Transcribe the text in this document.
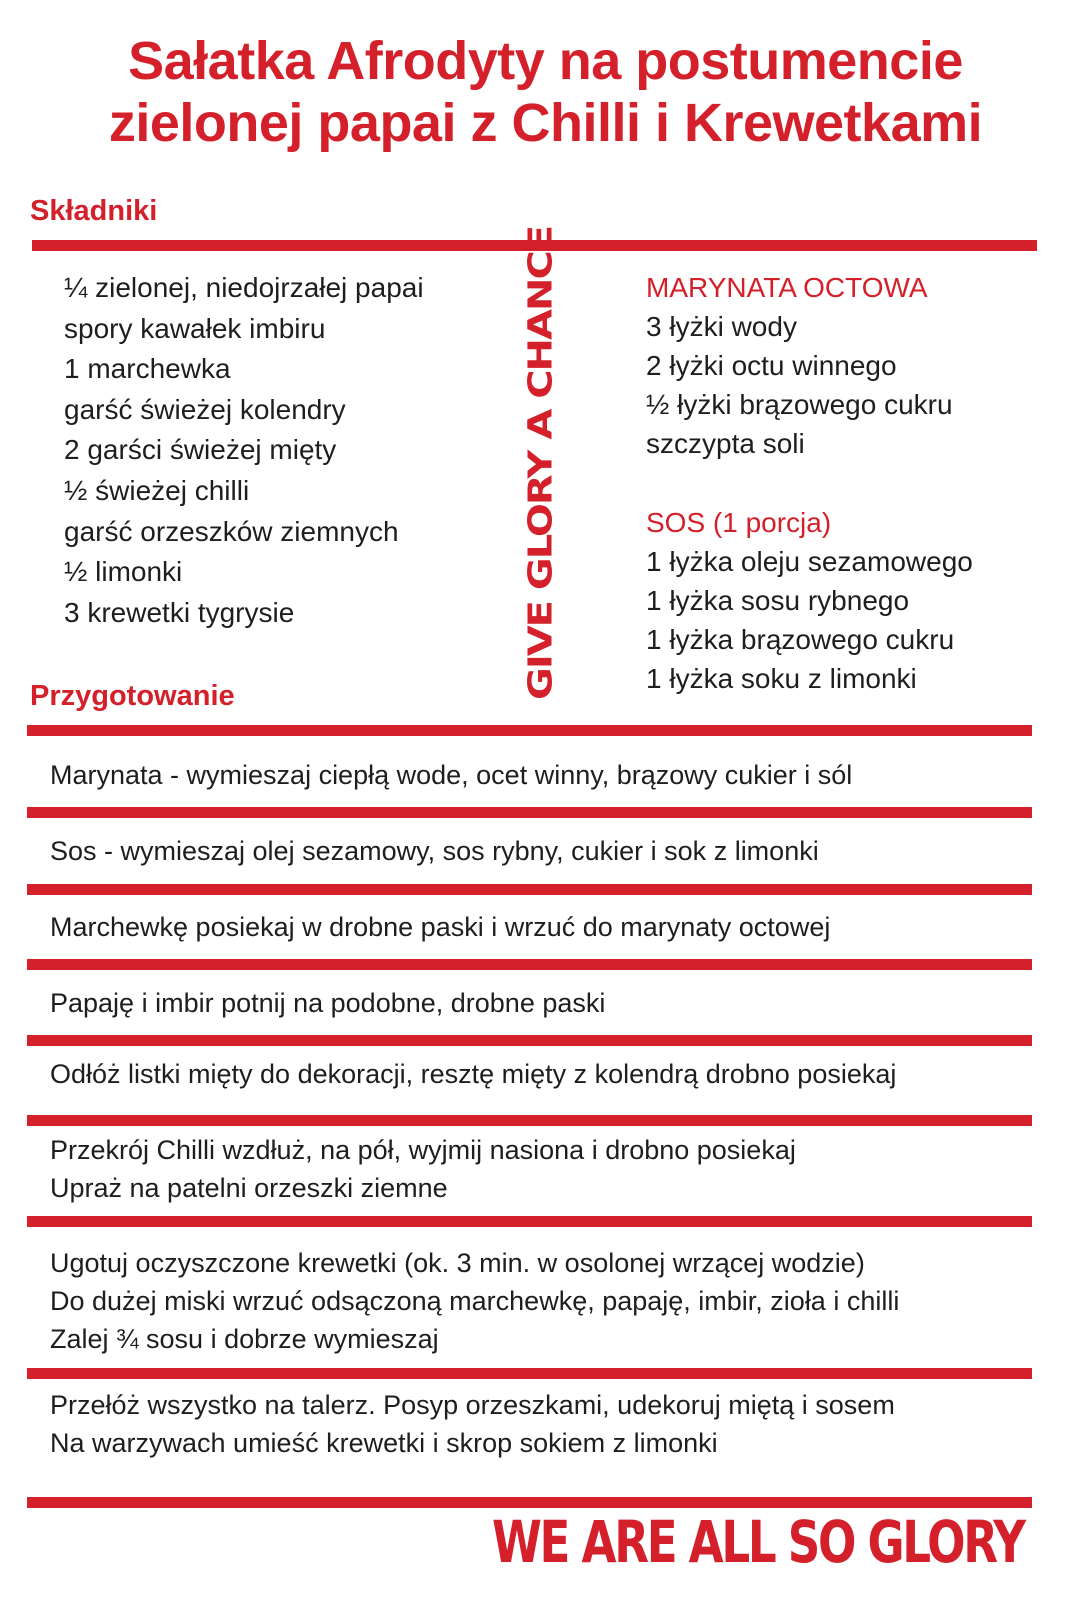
Sałatka Afrodyty na postumencie
zielonej papai z Chilli i Krewetkami
Składniki
¼ zielonej, niedojrzałej papai
spory kawałek imbiru
1 marchewka
garść świeżej kolendry
2 garści świeżej mięty
½ świeżej chilli
garść orzeszków ziemnych
½ limonki
3 krewetki tygrysie	GIVE GLORY A CHANCE	MARYNATA OCTOWA
3 łyżki wody
2 łyżki octu winnego
½ łyżki brązowego cukru
szczypta soli
SOS (1 porcja)
1 łyżka oleju sezamowego
1 łyżka sosu rybnego
1 łyżka brązowego cukru
1 łyżka soku z limonki
Przygotowanie
Marynata - wymieszaj ciepłą wode, ocet winny, brązowy cukier i sól
Sos - wymieszaj olej sezamowy, sos rybny, cukier i sok z limonki
Marchewkę posiekaj w drobne paski i wrzuć do marynaty octowej
Papaję i imbir potnij na podobne, drobne paski
Odłóż listki mięty do dekoracji, resztę mięty z kolendrą drobno posiekaj
Przekrój Chilli wzdłuż, na pół, wyjmij nasiona i drobno posiekaj
Upraż na patelni orzeszki ziemne
Ugotuj oczyszczone krewetki (ok. 3 min. w osolonej wrzącej wodzie)
Do dużej miski wrzuć odsączoną marchewkę, papaję, imbir, zioła i chilli
Zalej ¾ sosu i dobrze wymieszaj
Przełóż wszystko na talerz. Posyp orzeszkami, udekoruj miętą i sosem
Na warzywach umieść krewetki i skrop sokiem z limonki
WE ARE ALL SO GLORY
